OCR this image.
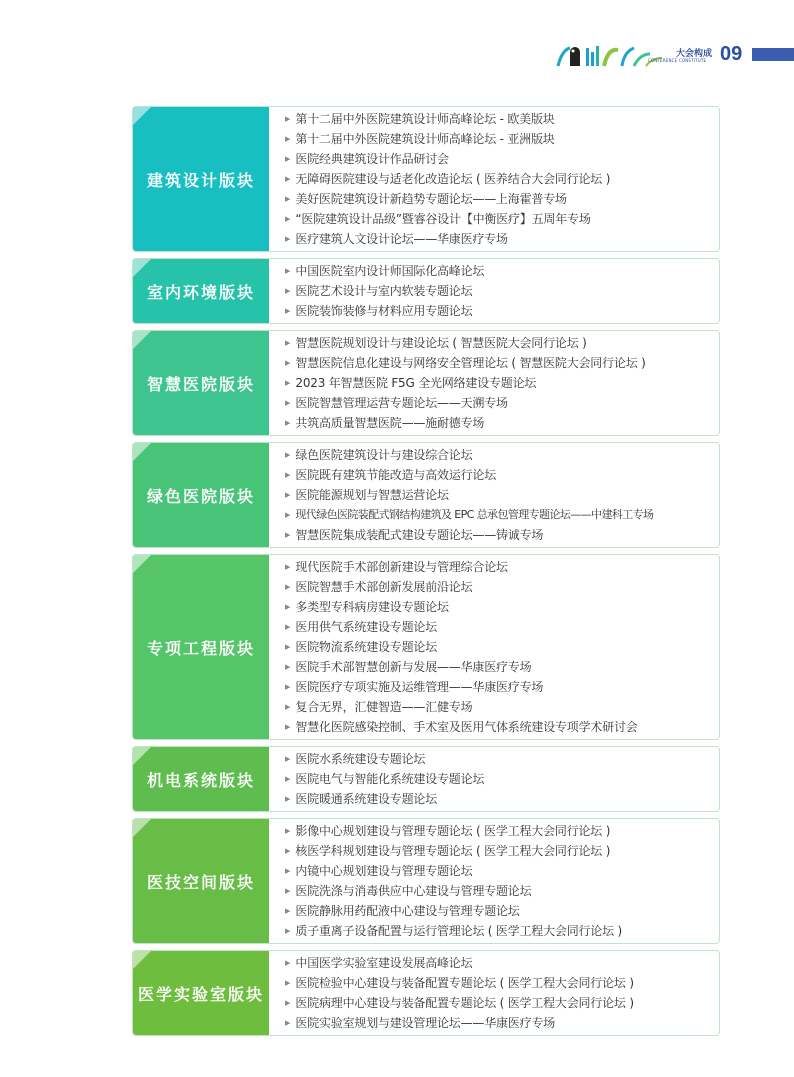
大会构成
CONFERENCE CONSTITUTE 09
建筑设计版块
▶ 第十二届中外医院建筑设计师高峰论坛 - 欧美版块
▶ 第十二届中外医院建筑设计师高峰论坛 - 亚洲版块
▶ 医院经典建筑设计作品研讨会
▶ 无障碍医院建设与适老化改造论坛 ( 医养结合大会同行论坛 )
▶ 美好医院建筑设计新趋势专题论坛——上海霍普专场
▶ “医院建筑设计品级”暨睿谷设计【中衡医疗】五周年专场
▶ 医疗建筑人文设计论坛——华康医疗专场
室内环境版块
▶ 中国医院室内设计师国际化高峰论坛
▶ 医院艺术设计与室内软装专题论坛
▶ 医院装饰装修与材料应用专题论坛
智慧医院版块
▶ 智慧医院规划设计与建设论坛 ( 智慧医院大会同行论坛 )
▶ 智慧医院信息化建设与网络安全管理论坛 ( 智慧医院大会同行论坛 )
▶ 2023 年智慧医院 F5G 全光网络建设专题论坛
▶ 医院智慧管理运营专题论坛——天溯专场
▶ 共筑高质量智慧医院——施耐德专场
绿色医院版块
▶ 绿色医院建筑设计与建设综合论坛
▶ 医院既有建筑节能改造与高效运行论坛
▶ 医院能源规划与智慧运营论坛
▶ 现代绿色医院装配式钢结构建筑及 EPC 总承包管理专题论坛——中建科工专场
▶ 智慧医院集成装配式建设专题论坛——铸诚专场
专项工程版块
▶ 现代医院手术部创新建设与管理综合论坛
▶ 医院智慧手术部创新发展前沿论坛
▶ 多类型专科病房建设专题论坛
▶ 医用供气系统建设专题论坛
▶ 医院物流系统建设专题论坛
▶ 医院手术部智慧创新与发展——华康医疗专场
▶ 医院医疗专项实施及运维管理——华康医疗专场
▶ 复合无界，汇健智造——汇健专场
▶ 智慧化医院感染控制、手术室及医用气体系统建设专项学术研讨会
机电系统版块
▶ 医院水系统建设专题论坛
▶ 医院电气与智能化系统建设专题论坛
▶ 医院暖通系统建设专题论坛
医技空间版块
▶ 影像中心规划建设与管理专题论坛 ( 医学工程大会同行论坛 )
▶ 核医学科规划建设与管理专题论坛 ( 医学工程大会同行论坛 )
▶ 内镜中心规划建设与管理专题论坛
▶ 医院洗涤与消毒供应中心建设与管理专题论坛
▶ 医院静脉用药配液中心建设与管理专题论坛
▶ 质子重离子设备配置与运行管理论坛 ( 医学工程大会同行论坛 )
医学实验室版块
▶ 中国医学实验室建设发展高峰论坛
▶ 医院检验中心建设与装备配置专题论坛 ( 医学工程大会同行论坛 )
▶ 医院病理中心建设与装备配置专题论坛 ( 医学工程大会同行论坛 )
▶ 医院实验室规划与建设管理论坛——华康医疗专场
